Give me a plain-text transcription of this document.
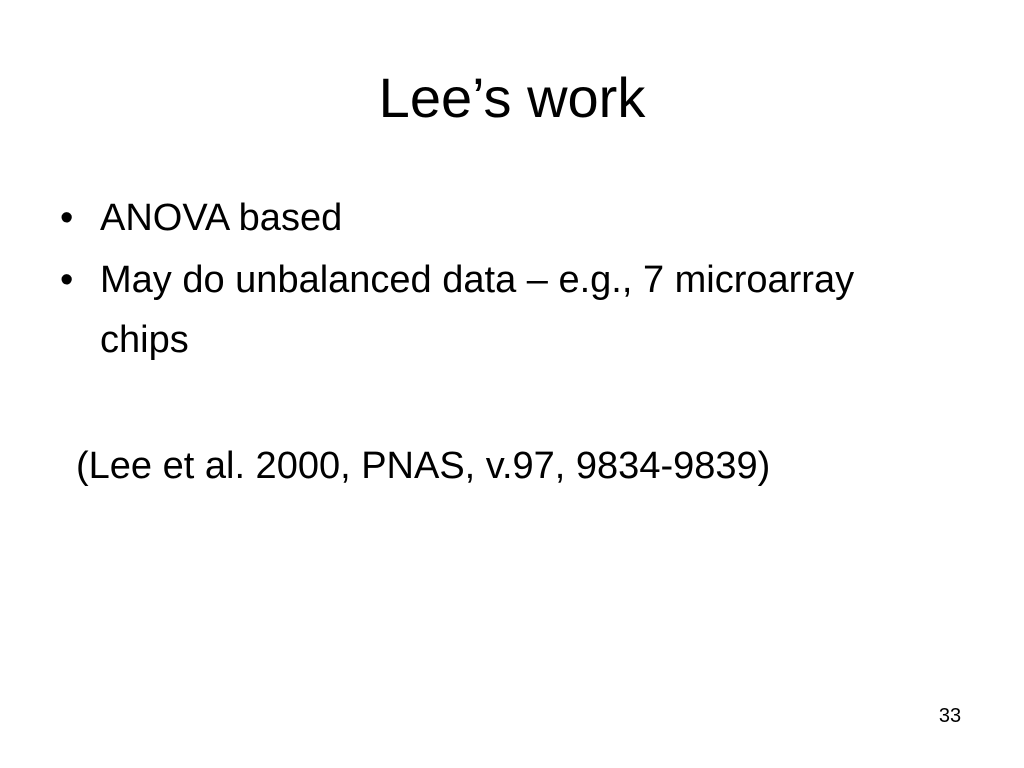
Lee’s work
• ANOVA based
• May do unbalanced data – e.g., 7 microarray chips

(Lee et al. 2000, PNAS, v.97, 9834-9839)

33
